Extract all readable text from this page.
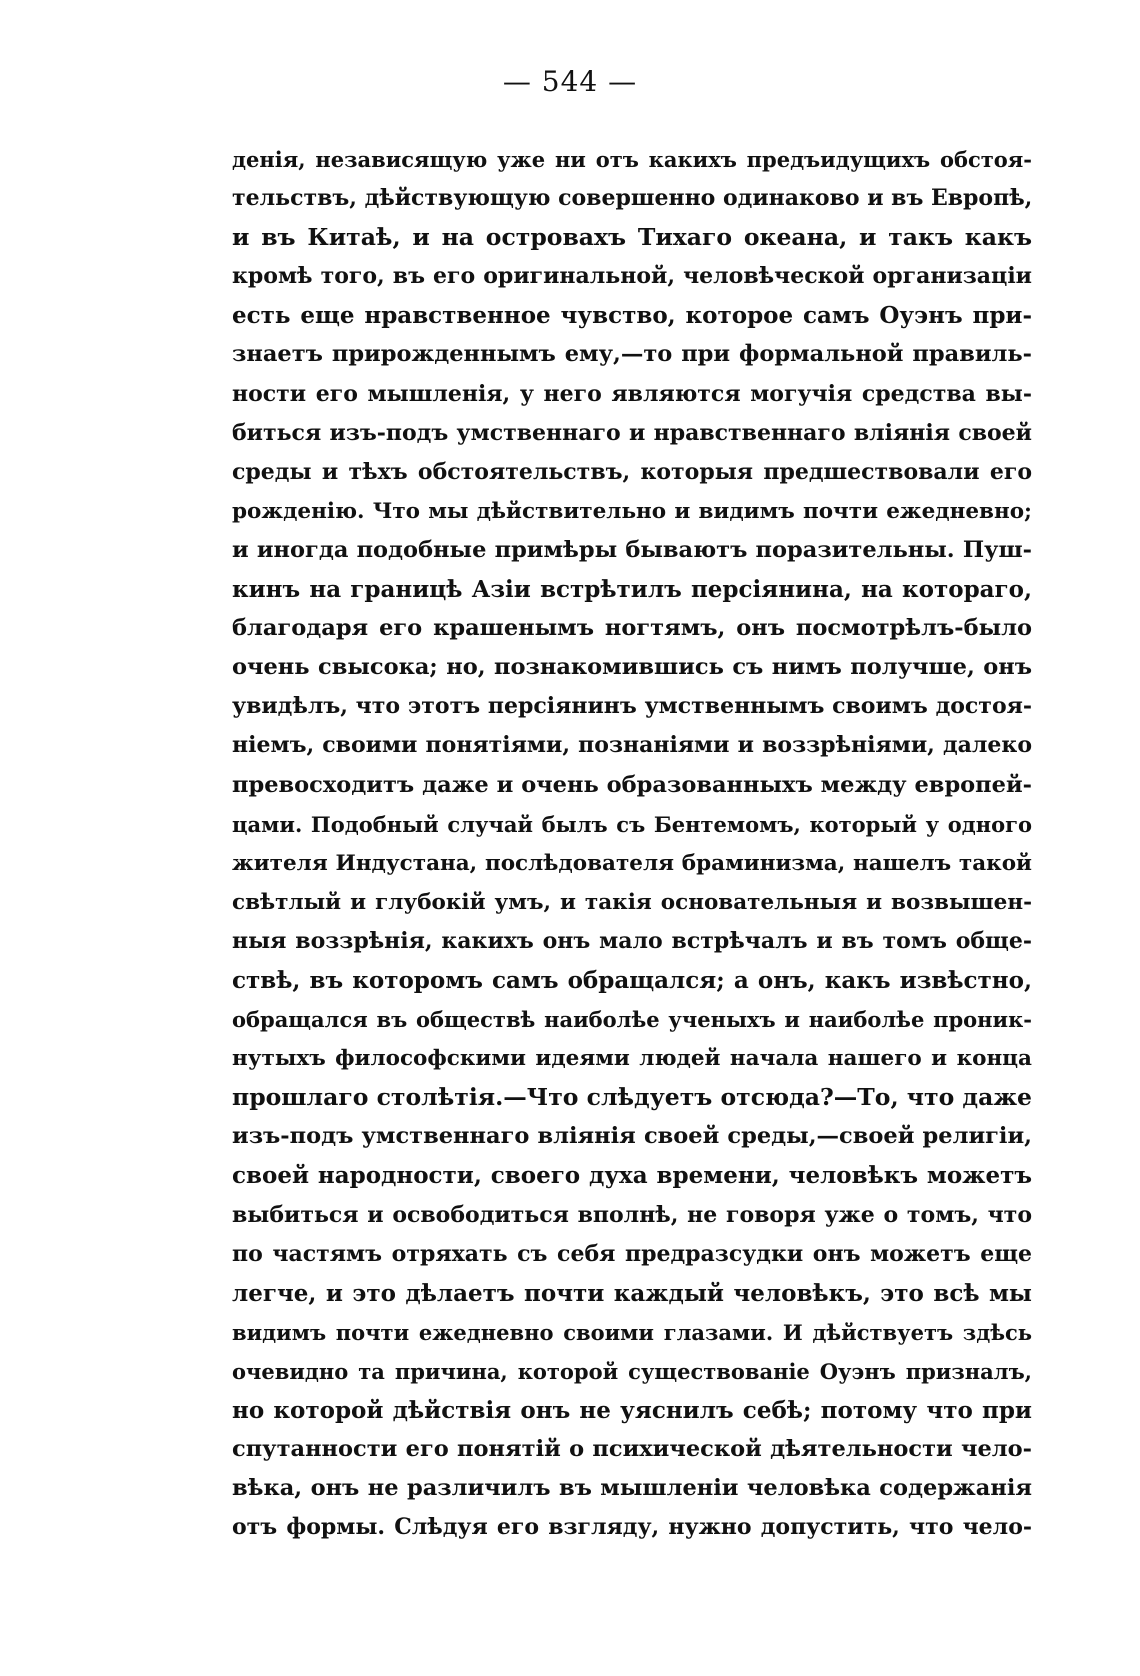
— 544 —
денія, независящую уже ни отъ какихъ предъидущихъ обстоя-
тельствъ, дѣйствующую совершенно одинаково и въ Европѣ,
и въ Китаѣ, и на островахъ Тихаго океана, и такъ какъ
кромѣ того, въ его оригинальной, человѣческой организаціи
есть еще нравственное чувство, которое самъ Оуэнъ при-
знаетъ прирожденнымъ ему,—то при формальной правиль-
ности его мышленія, у него являются могучія средства вы-
биться изъ-подъ умственнаго и нравственнаго вліянія своей
среды и тѣхъ обстоятельствъ, которыя предшествовали его
рожденію. Что мы дѣйствительно и видимъ почти ежедневно;
и иногда подобные примѣры бываютъ поразительны. Пуш-
кинъ на границѣ Азіи встрѣтилъ персіянина, на котораго,
благодаря его крашенымъ ногтямъ, онъ посмотрѣлъ-было
очень свысока; но, познакомившись съ нимъ получше, онъ
увидѣлъ, что этотъ персіянинъ умственнымъ своимъ достоя-
ніемъ, своими понятіями, познаніями и воззрѣніями, далеко
превосходитъ даже и очень образованныхъ между европей-
цами. Подобный случай былъ съ Бентемомъ, который у одного
жителя Индустана, послѣдователя браминизма, нашелъ такой
свѣтлый и глубокій умъ, и такія основательныя и возвышен-
ныя воззрѣнія, какихъ онъ мало встрѣчалъ и въ томъ обще-
ствѣ, въ которомъ самъ обращался; а онъ, какъ извѣстно,
обращался въ обществѣ наиболѣе ученыхъ и наиболѣе проник-
нутыхъ философскими идеями людей начала нашего и конца
прошлаго столѣтія.—Что слѣдуетъ отсюда?—То, что даже
изъ-подъ умственнаго вліянія своей среды,—своей религіи,
своей народности, своего духа времени, человѣкъ можетъ
выбиться и освободиться вполнѣ, не говоря уже о томъ, что
по частямъ отряхать съ себя предразсудки онъ можетъ еще
легче, и это дѣлаетъ почти каждый человѣкъ, это всѣ мы
видимъ почти ежедневно своими глазами. И дѣйствуетъ здѣсь
очевидно та причина, которой существованіе Оуэнъ призналъ,
но которой дѣйствія онъ не уяснилъ себѣ; потому что при
спутанности его понятій о психической дѣятельности чело-
вѣка, онъ не различилъ въ мышленіи человѣка содержанія
отъ формы. Слѣдуя его взгляду, нужно допустить, что чело-
